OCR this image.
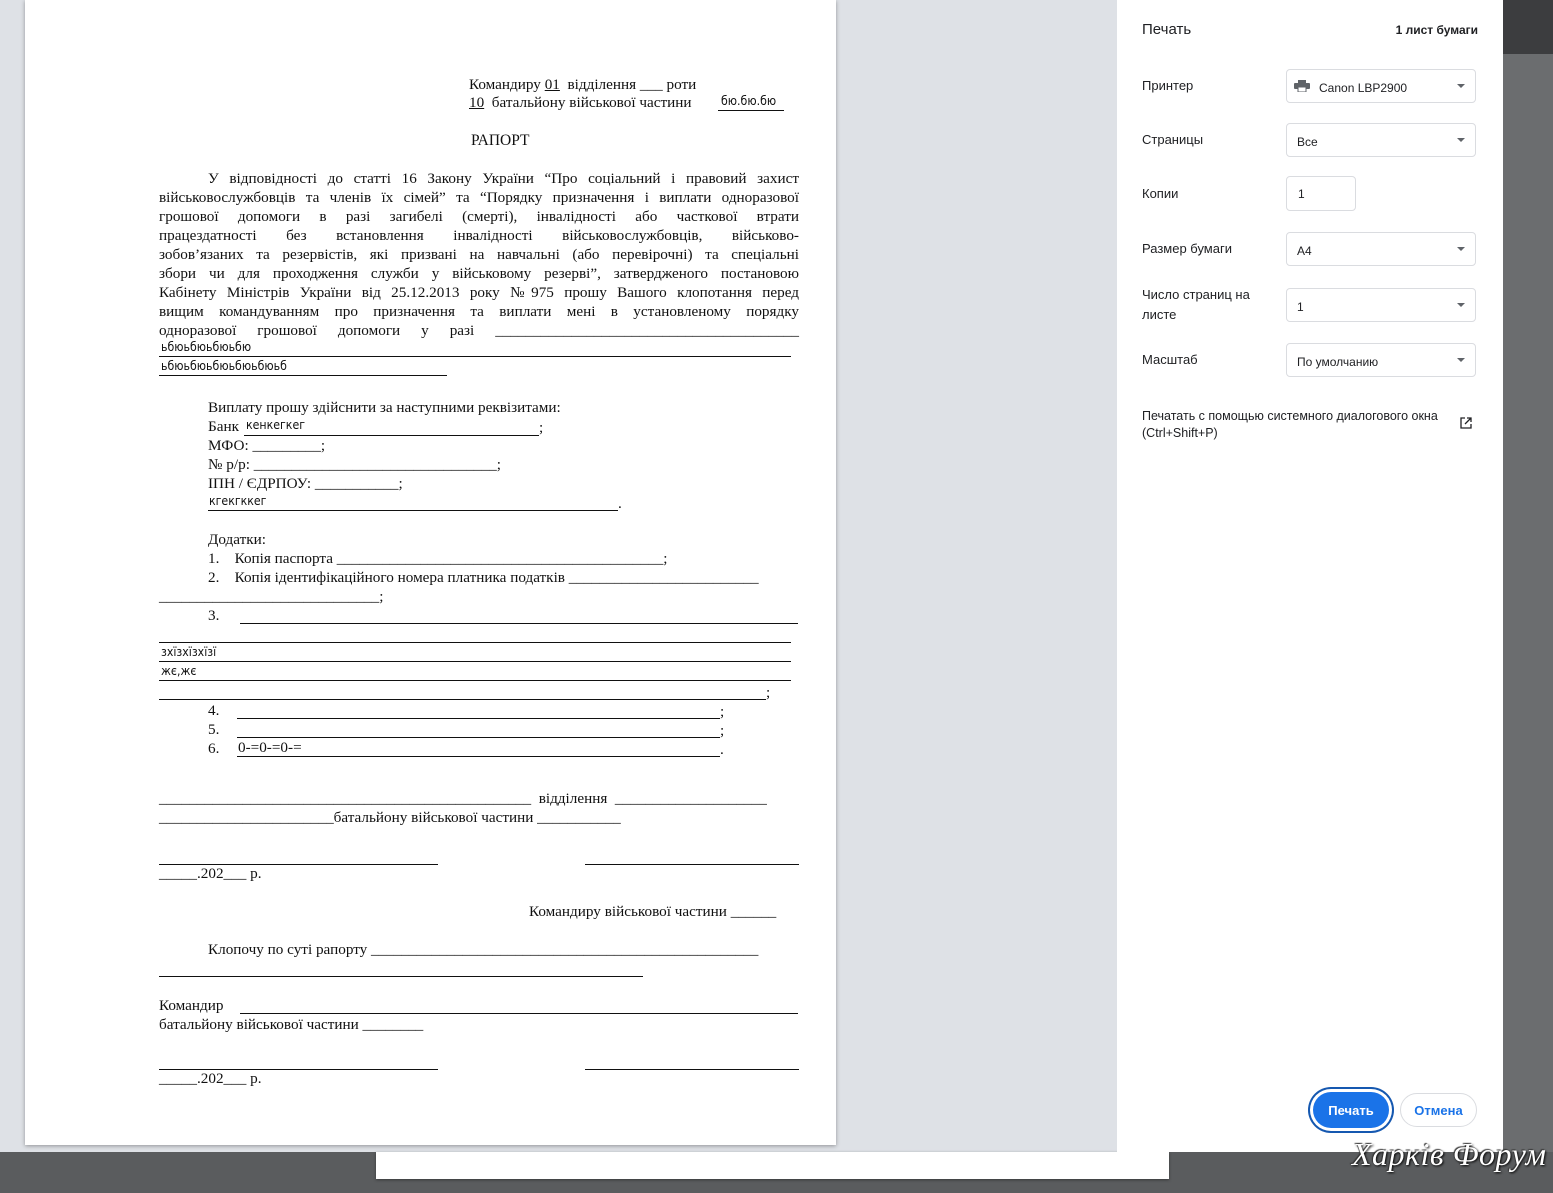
Командиру 01  відділення ___ роти
10  батальйону військової частини бю.бю.бю
РАПОРТ
У відповідності до статті 16 Закону України “Про соціальний і правовий захист
військовослужбовців та членів їх сімей” та “Порядку призначення і виплати одноразової
грошової допомоги в разі загибелі (смерті), інвалідності або часткової втрати
працездатності без встановлення інвалідності військовослужбовців, військово-
зобов’язаних та резервістів, які призвані на навчальні (або перевірочні) та спеціальні
збори чи для проходження служби у військовому резерві”, затвердженого постановою
Кабінету Міністрів України від 25.12.2013 року №975 прошу Вашого клопотання перед
вищим командуванням про призначення та виплати мені в установленому порядку
одноразової грошової допомоги у разі ________________________________________
ьбюьбюьбюьбю
ьбюьбюьбюьбюьбюьб
Виплату прошу здійснити за наступними реквізитами:
Банк кенкегкег	;
МФО: _________;
№ р/р: ________________________________;
ІПН / ЄДРПОУ: ___________;
кгекгккег	.
Додатки:
1.    Копія паспорта ___________________________________________;
2.    Копія ідентифікаційного номера платника податків _________________________
_____________________________;
3.
зхїзхїзхїзї
жє,жє
;
4.	;
5.	;
6. 0-=0-=0-=	.
_________________________________________________  відділення  ____________________
_______________________батальйону військової частини ___________
_____.202___ р.
Командиру військової частини ______
Клопочу по суті рапорту ___________________________________________________
Командир
батальйону військової частини ________
_____.202___ р.
Печать	1 лист бумаги
Принтер	Canon LBP2900
Страницы	Все
Копии	1
Размер бумаги	A4
Число страниц на
листе	1
Масштаб	По умолчанию
Печатать с помощью системного диалогового окна (Ctrl+Shift+P)
Печать	Отмена
Харків Форум
